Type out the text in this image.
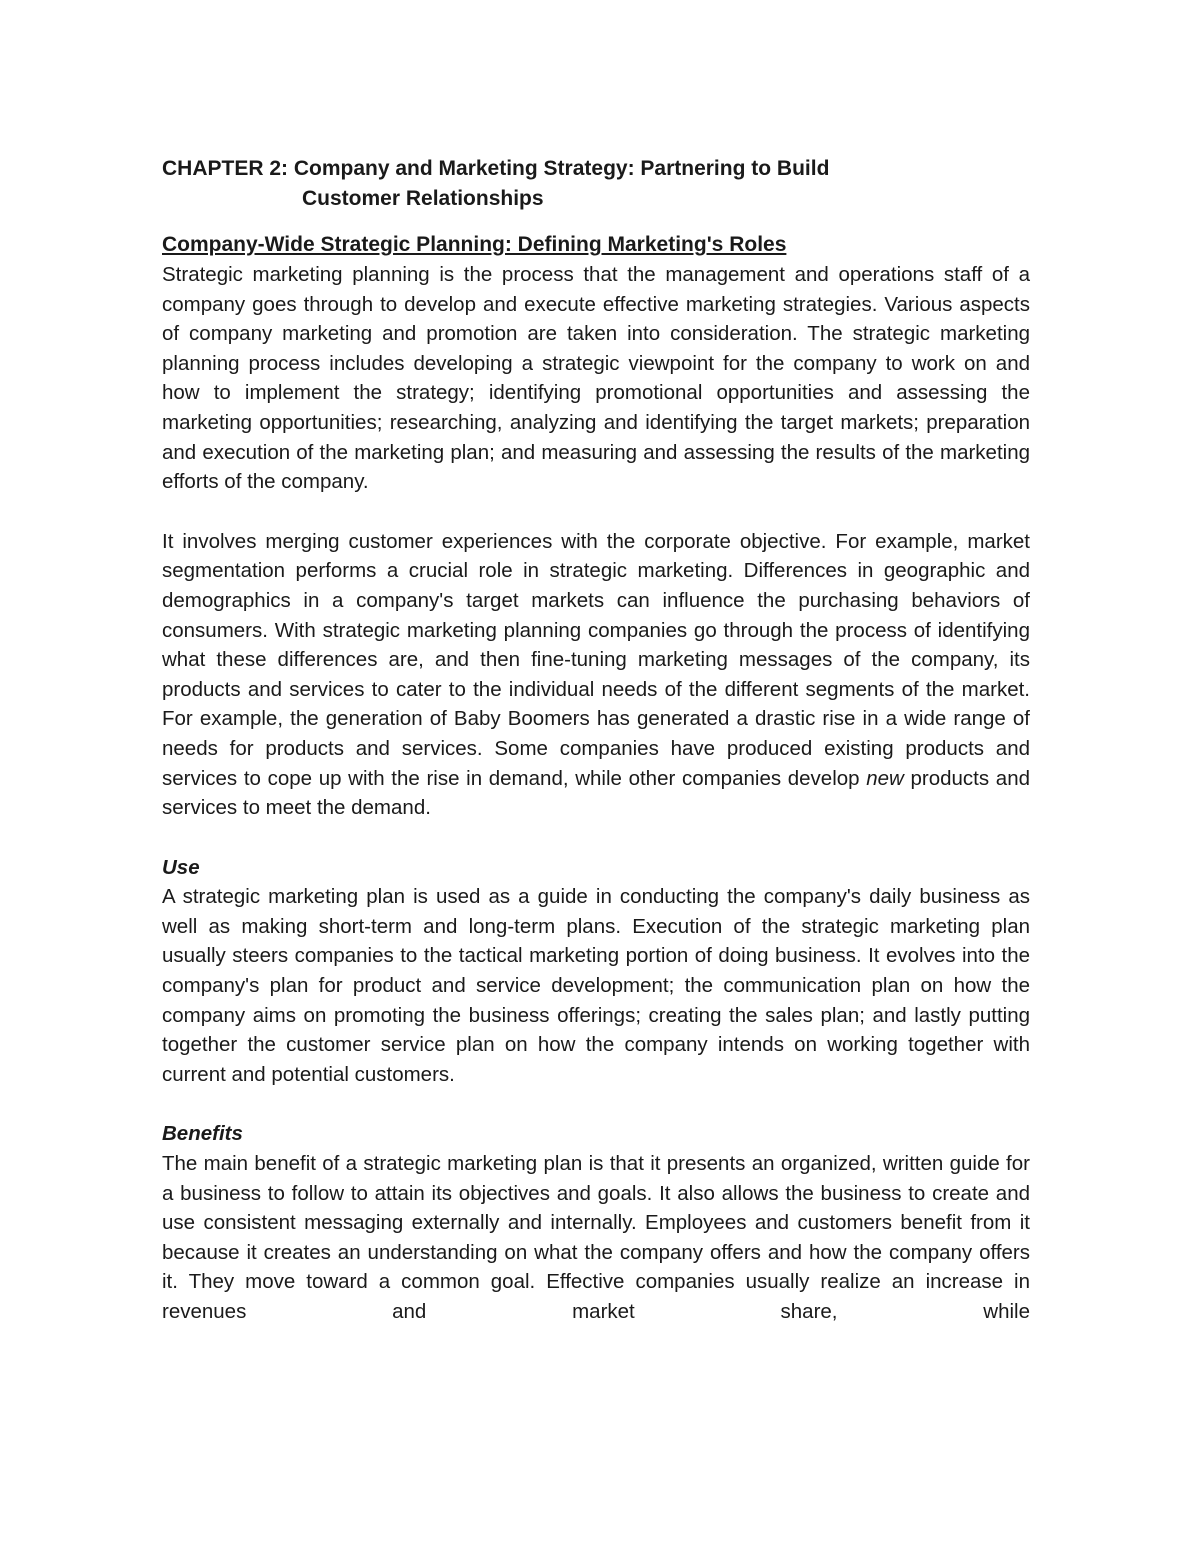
CHAPTER 2: Company and Marketing Strategy: Partnering to Build
Customer Relationships
Company-Wide Strategic Planning: Defining Marketing's Roles

Strategic marketing planning is the process that the management and operations staff of a company goes through to develop and execute effective marketing strategies. Various aspects of company marketing and promotion are taken into consideration. The strategic marketing planning process includes developing a strategic viewpoint for the company to work on and how to implement the strategy; identifying promotional opportunities and assessing the marketing opportunities; researching, analyzing and identifying the target markets; preparation and execution of the marketing plan; and measuring and assessing the results of the marketing efforts of the company.

It involves merging customer experiences with the corporate objective. For example, market segmentation performs a crucial role in strategic marketing. Differences in geographic and demographics in a company's target markets can influence the purchasing behaviors of consumers. With strategic marketing planning companies go through the process of identifying what these differences are, and then fine-tuning marketing messages of the company, its products and services to cater to the individual needs of the different segments of the market. For example, the generation of Baby Boomers has generated a drastic rise in a wide range of needs for products and services. Some companies have produced existing products and services to cope up with the rise in demand, while other companies develop new products and services to meet the demand.

Use

A strategic marketing plan is used as a guide in conducting the company's daily business as well as making short-term and long-term plans. Execution of the strategic marketing plan usually steers companies to the tactical marketing portion of doing business. It evolves into the company's plan for product and service development; the communication plan on how the company aims on promoting the business offerings; creating the sales plan; and lastly putting together the customer service plan on how the company intends on working together with current and potential customers.

Benefits

The main benefit of a strategic marketing plan is that it presents an organized, written guide for a business to follow to attain its objectives and goals. It also allows the business to create and use consistent messaging externally and internally. Employees and customers benefit from it because it creates an understanding on what the company offers and how the company offers it. They move toward a common goal. Effective companies usually realize an increase in revenues and market share, while
